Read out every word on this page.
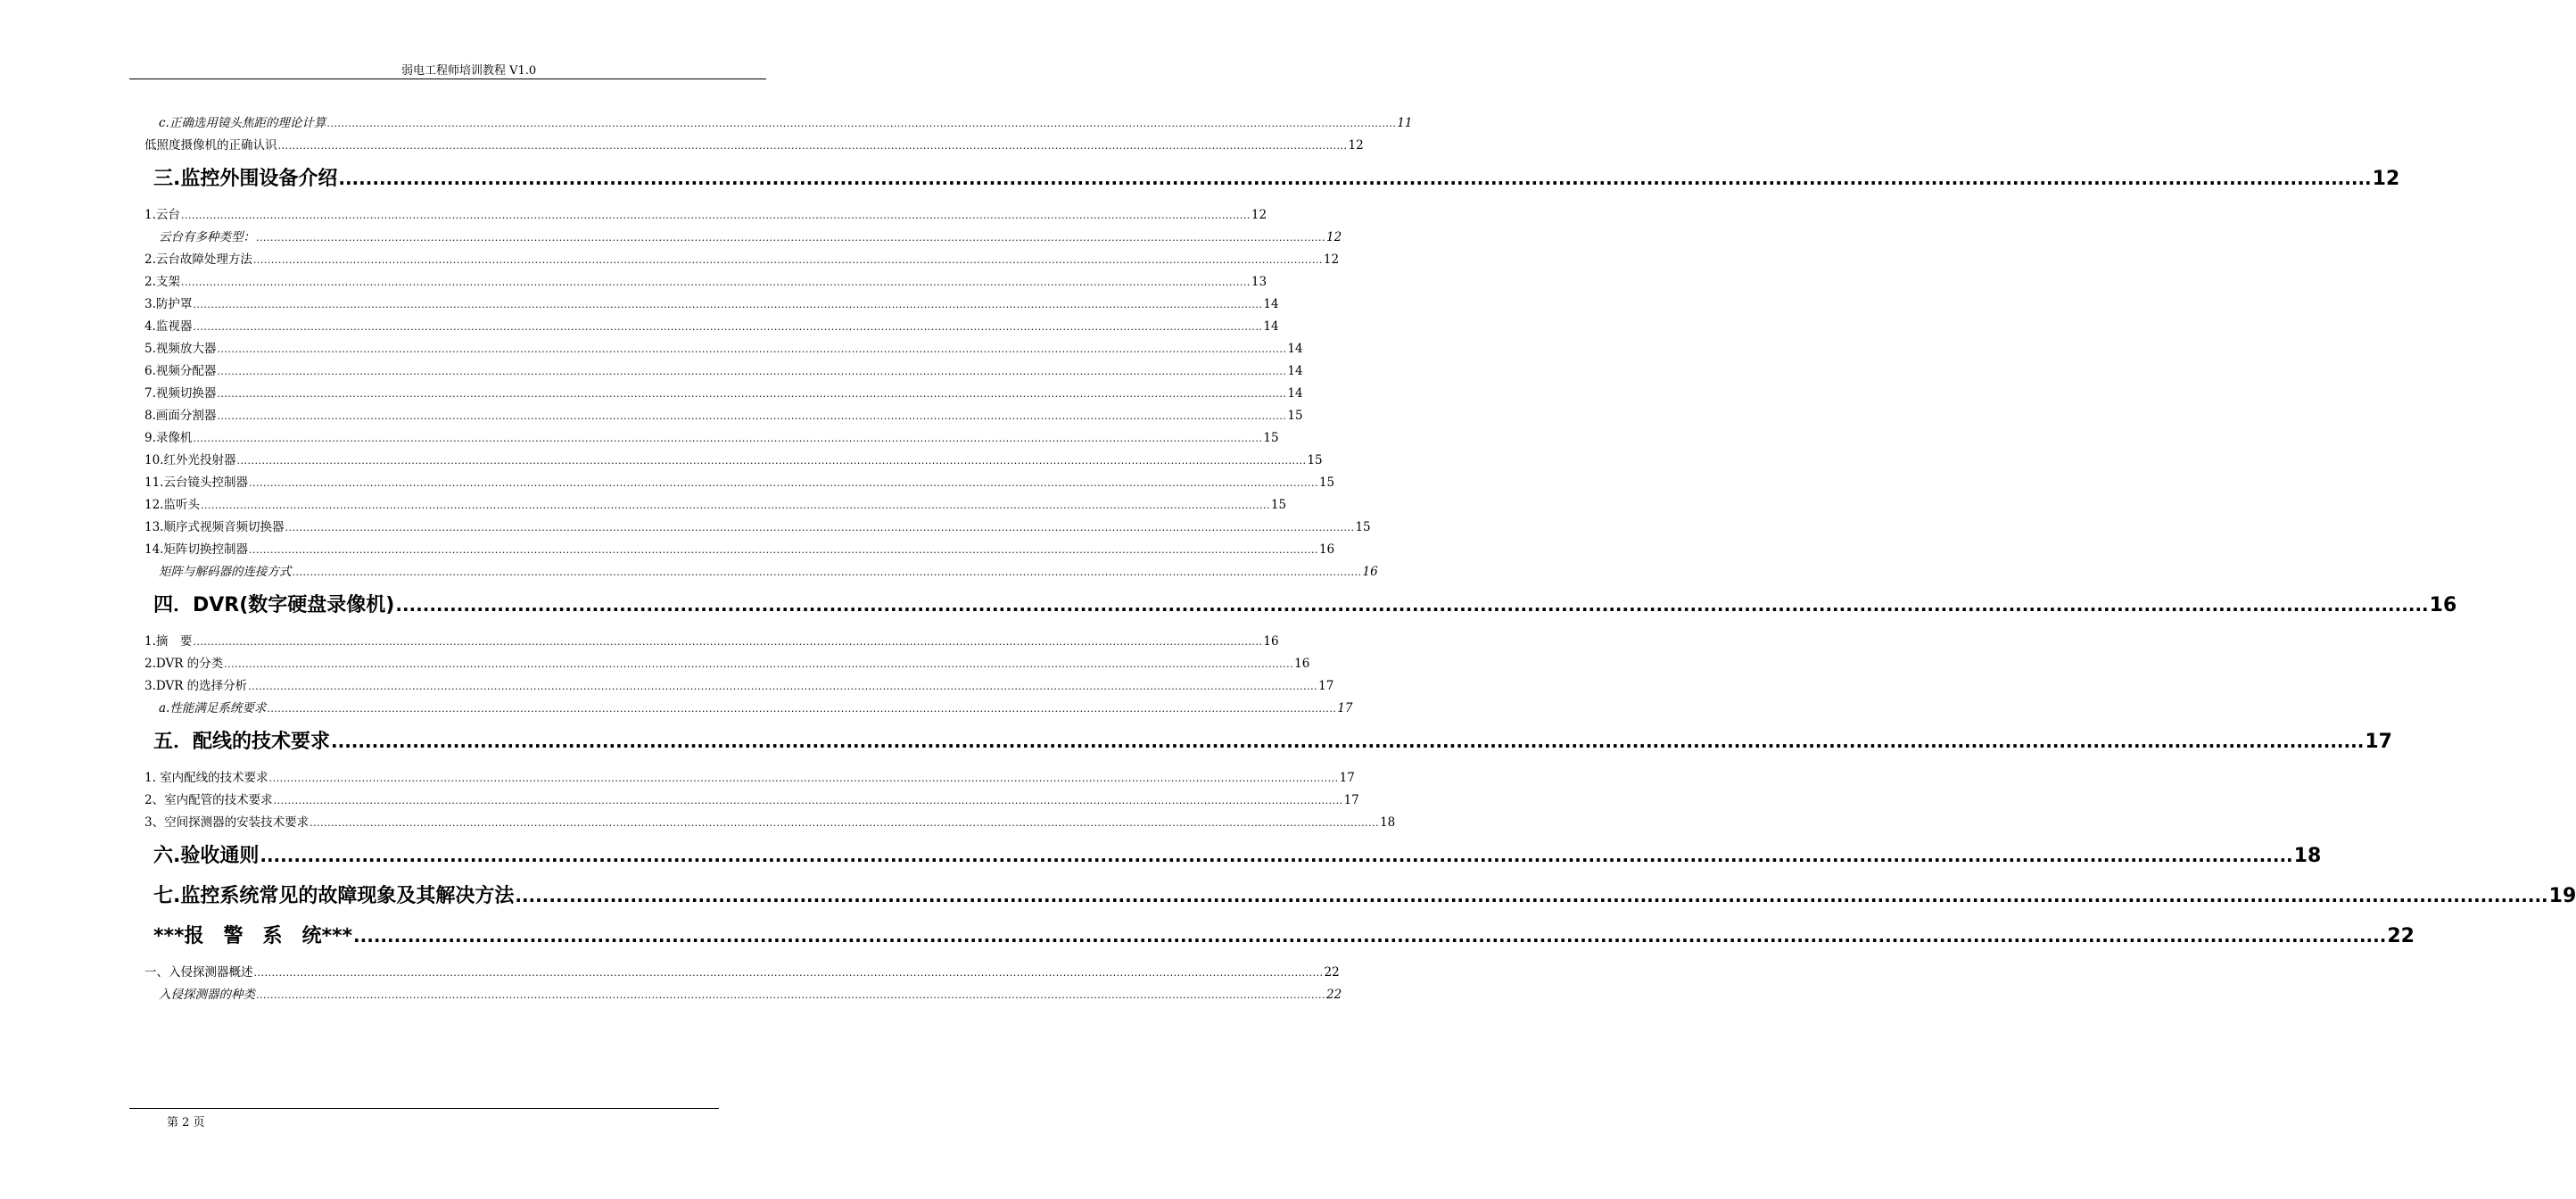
弱电工程师培训教程 V1.0
c.正确选用镜头焦距的理论计算 ............................................................................................................................................................................................................................................................................................................ 11
低照度摄像机的正确认识 ............................................................................................................................................................................................................................................................................................................ 12
三.监控外围设备介绍 ............................................................................................................................................................................................................................................................................................................ 12
1.云台 ............................................................................................................................................................................................................................................................................................................ 12
云台有多种类型： ............................................................................................................................................................................................................................................................................................................ 12
2.云台故障处理方法 ............................................................................................................................................................................................................................................................................................................ 12
2.支架 ............................................................................................................................................................................................................................................................................................................ 13
3.防护罩 ............................................................................................................................................................................................................................................................................................................ 14
4.监视器 ............................................................................................................................................................................................................................................................................................................ 14
5.视频放大器 ............................................................................................................................................................................................................................................................................................................ 14
6.视频分配器 ............................................................................................................................................................................................................................................................................................................ 14
7.视频切换器 ............................................................................................................................................................................................................................................................................................................ 14
8.画面分割器 ............................................................................................................................................................................................................................................................................................................ 15
9.录像机 ............................................................................................................................................................................................................................................................................................................ 15
10.红外光投射器 ............................................................................................................................................................................................................................................................................................................ 15
11.云台镜头控制器 ............................................................................................................................................................................................................................................................................................................ 15
12.监听头 ............................................................................................................................................................................................................................................................................................................ 15
13.顺序式视频音频切换器 ............................................................................................................................................................................................................................................................................................................ 15
14.矩阵切换控制器 ............................................................................................................................................................................................................................................................................................................ 16
矩阵与解码器的连接方式 ............................................................................................................................................................................................................................................................................................................ 16
四．DVR(数字硬盘录像机) ............................................................................................................................................................................................................................................................................................................ 16
1.摘　要 ............................................................................................................................................................................................................................................................................................................ 16
2.DVR 的分类 ............................................................................................................................................................................................................................................................................................................ 16
3.DVR 的选择分析 ............................................................................................................................................................................................................................................................................................................ 17
a.性能满足系统要求 ............................................................................................................................................................................................................................................................................................................ 17
五．配线的技术要求 ............................................................................................................................................................................................................................................................................................................ 17
1. 室内配线的技术要求 ............................................................................................................................................................................................................................................................................................................ 17
2、室内配管的技术要求 ............................................................................................................................................................................................................................................................................................................ 17
3、空间探测器的安装技术要求 ............................................................................................................................................................................................................................................................................................................ 18
六.验收通则 ............................................................................................................................................................................................................................................................................................................ 18
七.监控系统常见的故障现象及其解决方法 ............................................................................................................................................................................................................................................................................................................ 19
***报　警　系　统*** ............................................................................................................................................................................................................................................................................................................ 22
一、入侵探测器概述 ............................................................................................................................................................................................................................................................................................................ 22
入侵探测器的种类 ............................................................................................................................................................................................................................................................................................................ 22
第 2 页
